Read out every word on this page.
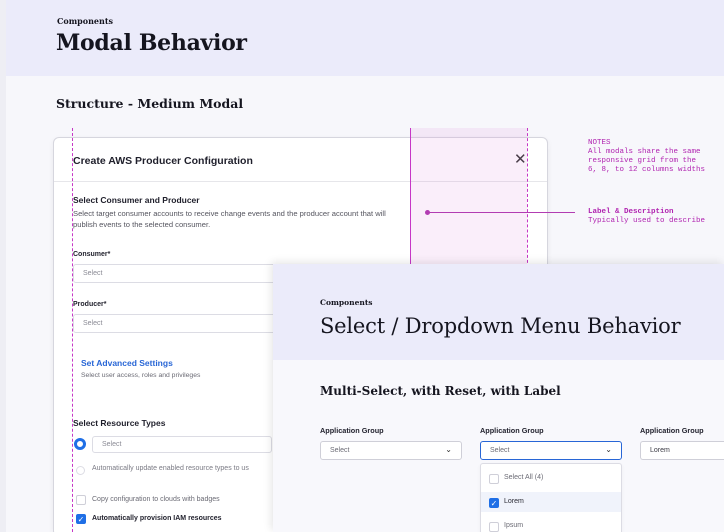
Components
Modal Behavior
Structure - Medium Modal
Create AWS Producer Configuration	✕
Select Consumer and Producer
Select target consumer accounts to receive change events and the producer account that will publish events to the selected consumer.
Consumer*
Select
Producer*
Select
Set Advanced Settings
Select user access, roles and privileges
Select Resource Types
Select
Automatically update enabled resource types to us
Copy configuration to clouds with badges
✓ Automatically provision IAM resources
NOTES
All modals share the same
responsive grid from the
6, 8, to 12 columns widths
Label & Description
Typically used to describe
Components
Select / Dropdown Menu Behavior
Multi-Select, with Reset, with Label
Application Group
Select	⌄
Application Group
Select	⌄
Application Group
Lorem
Select All (4)
✓ Lorem
Ipsum
